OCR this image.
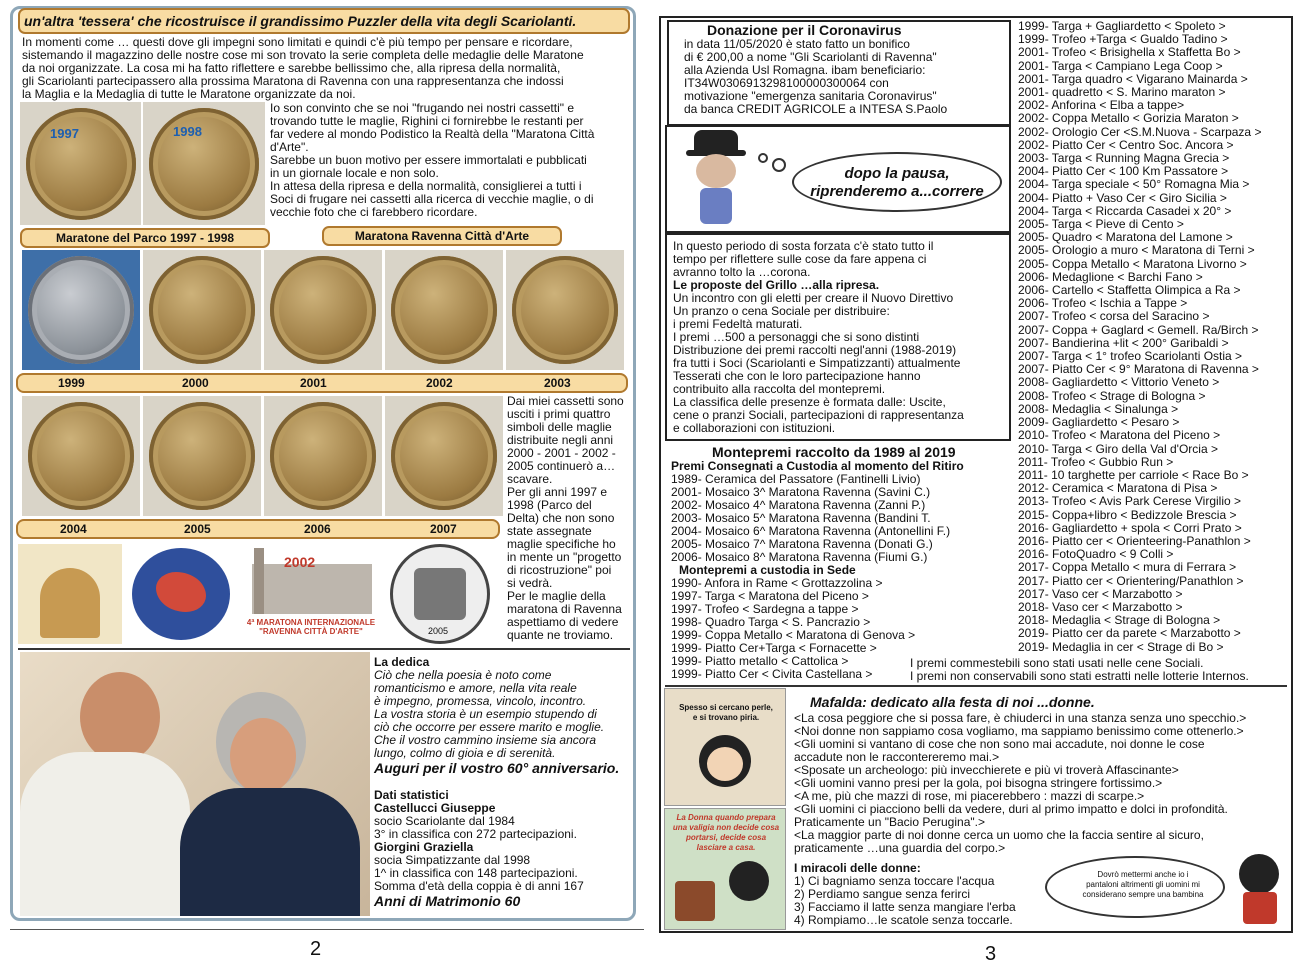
un'altra 'tessera' che ricostruisce il grandissimo Puzzler della vita degli Scariolanti.
In momenti come … questi dove gli impegni sono limitati e quindi c'è più tempo per pensare e ricordare,
sistemando il magazzino delle nostre cose mi son trovato la serie completa delle medaglie delle Maratone
da noi organizzate. La cosa mi ha fatto riflettere e sarebbe bellissimo che, alla ripresa della normalità,
gli Scariolanti partecipassero alla prossima Maratona di Ravenna con una rappresentanza che indossi
la Maglia e la Medaglia di tutte le Maratone organizzate da noi.
1997	1998
Io son convinto che se noi "frugando nei nostri cassetti" e
trovando tutte le maglie, Righini ci fornirebbe le restanti per
far vedere al mondo Podistico la Realtà della "Maratona Città
d'Arte".
Sarebbe un buon motivo per essere immortalati e pubblicati
in un giornale locale e non solo.
In attesa della ripresa e della normalità, consiglierei a tutti i
Soci di frugare nei cassetti alla ricerca di vecchie maglie, o di
vecchie foto che ci farebbero ricordare.
Maratone del Parco 1997 - 1998	Maratona Ravenna Città d'Arte
1999	2000	2001	2002	2003
Dai miei cassetti sono
usciti i primi quattro
simboli delle maglie
distribuite negli anni
2000 - 2001 - 2002 -
2005 continuerò a…
scavare.
Per gli anni 1997 e
1998 (Parco del
Delta) che non sono
state assegnate
maglie specifiche ho
in mente un "progetto
di ricostruzione" poi
si vedrà.
Per le maglie della
maratona di Ravenna
aspettiamo di vedere
quante ne troviamo.
2004	2005	2006	2007
2002
4ª MARATONA INTERNAZIONALE "RAVENNA CITTÀ D'ARTE"	2005
La dedica
Ciò che nella poesia è noto come
romanticismo e amore, nella vita reale
è impegno, promessa, vincolo, incontro.
La vostra storia è un esempio stupendo di
ciò che occorre per essere marito e moglie.
Che il vostro cammino insieme sia ancora
lungo, colmo di gioia e di serenità.
Auguri per il vostro 60° anniversario.
Dati statistici
Castellucci Giuseppe
socio Scariolante dal 1984
3° in classifica con 272 partecipazioni.
Giorgini Graziella
socia Simpatizzante dal 1998
1^ in classifica con 148 partecipazioni.
Somma d'età della coppia è di anni 167
Anni di Matrimonio 60
2
Donazione per il Coronavirus
in data 11/05/2020 è stato fatto un bonifico
di € 200,00 a nome "Gli Scariolanti di Ravenna"
alla Azienda Usl Romagna. ibam beneficiario:
IT34W0306913298100000300064 con
motivazione "emergenza sanitaria Coronavirus"
da banca CREDIT AGRICOLE a INTESA S.Paolo
dopo la pausa,
riprenderemo a...correre
In questo periodo di sosta forzata c'è stato tutto il
tempo per riflettere sulle cose da fare appena ci
avranno tolto la …corona.
Le proposte del Grillo …alla ripresa.
Un incontro con gli eletti per creare il Nuovo Direttivo
Un pranzo o cena Sociale per distribuire:
i premi Fedeltà maturati.
I premi …500 a personaggi che si sono distinti
Distribuzione dei premi raccolti negl'anni (1988-2019)
fra tutti i Soci (Scariolanti e Simpatizzanti) attualmente
Tesserati che con le loro partecipazione hanno
contribuito alla raccolta del montepremi.
La classifica delle presenze è formata dalle: Uscite,
cene o pranzi Sociali, partecipazioni di rappresentanza
e collaborazioni con istituzioni.
Montepremi raccolto da 1989 al 2019
Premi Consegnati a Custodia al momento del Ritiro
1989- Ceramica del Passatore (Fantinelli Livio)
2001- Mosaico 3^ Maratona Ravenna (Savini C.)
2002- Mosaico 4^ Maratona Ravenna (Zanni P.)
2003- Mosaico 5^ Maratona Ravenna (Bandini T.
2004- Mosaico 6^ Maratona Ravenna (Antonellini F.)
2005- Mosaico 7^ Maratona Ravenna (Donati G.)
2006- Mosaico 8^ Maratona Ravenna (Fiumi G.)
Montepremi a custodia in Sede
1990- Anfora in Rame < Grottazzolina >
1997- Targa < Maratona del Piceno >
1997- Trofeo < Sardegna a tappe >
1998- Quadro Targa < S. Pancrazio >
1999- Coppa Metallo < Maratona di Genova >
1999- Piatto Cer+Targa < Fornacette >
1999- Piatto metallo < Cattolica >
1999- Piatto Cer < Civita Castellana >
1999- Targa + Gagliardetto < Spoleto >
1999- Trofeo +Targa < Gualdo Tadino >
2001- Trofeo < Brisighella x Staffetta Bo >
2001- Targa < Campiano Lega Coop >
2001- Targa quadro < Vigarano Mainarda >
2001- quadretto < S. Marino maraton >
2002- Anforina < Elba a tappe>
2002- Coppa Metallo < Gorizia Maraton >
2002- Orologio Cer <S.M.Nuova - Scarpaza >
2002- Piatto Cer < Centro Soc. Ancora >
2003- Targa < Running Magna Grecia >
2004- Piatto Cer < 100 Km Passatore >
2004- Targa speciale < 50° Romagna Mia >
2004- Piatto + Vaso Cer < Giro Sicilia >
2004- Targa < Riccarda Casadei x 20° >
2005- Targa < Pieve di Cento >
2005- Quadro < Maratona del Lamone >
2005- Orologio a muro < Maratona di Terni >
2005- Coppa Metallo < Maratona Livorno >
2006- Medaglione < Barchi Fano >
2006- Cartello < Staffetta Olimpica a Ra >
2006- Trofeo < Ischia a Tappe >
2007- Trofeo < corsa del Saracino >
2007- Coppa + Gaglard < Gemell. Ra/Birch >
2007- Bandierina +lit < 200° Garibaldi >
2007- Targa < 1° trofeo Scariolanti Ostia >
2007- Piatto Cer < 9° Maratona di Ravenna >
2008- Gagliardetto < Vittorio Veneto >
2008- Trofeo < Strage di Bologna >
2008- Medaglia < Sinalunga >
2009- Gagliardetto < Pesaro >
2010- Trofeo < Maratona del Piceno >
2010- Targa < Giro della Val d'Orcia >
2011- Trofeo < Gubbio Run >
2011- 10 targhette per carriole < Race Bo >
2012- Ceramica < Maratona di Pisa >
2013- Trofeo < Avis Park Cerese Virgilio >
2015- Coppa+libro < Bedizzole Brescia >
2016- Gagliardetto + spola < Corri Prato >
2016- Piatto cer < Orienteering-Panathlon >
2016- FotoQuadro < 9 Colli >
2017- Coppa Metallo < mura di Ferrara >
2017- Piatto cer < Orientering/Panathlon >
2017- Vaso cer < Marzabotto >
2018- Vaso cer < Marzabotto >
2018- Medaglia < Strage di Bologna >
2019- Piatto cer da parete < Marzabotto >
2019- Medaglia in cer < Strage di Bo >
I premi commestebili sono stati usati nelle cene Sociali.
I premi non conservabili sono stati estratti nelle lotterie Internos.
Spesso si cercano perle,
e si trovano piria.
La Donna quando prepara
una valigia non decide cosa
portarsi, decide cosa
lasciare a casa.
Mafalda: dedicato alla festa di noi ...donne.
<La cosa peggiore che si possa fare, è chiuderci in una stanza senza uno specchio.>
<Noi donne non sappiamo cosa vogliamo, ma sappiamo benissimo come ottenerlo.>
<Gli uomini si vantano di cose che non sono mai accadute, noi donne le cose
accadute non le raccontereremo mai.>
<Sposate un archeologo: più invecchierete e più vi troverà Affascinante>
<Gli uomini vanno presi per la gola, poi bisogna stringere fortissimo.>
<A me, più che mazzi di rose, mi piacerebbero : mazzi di scarpe.>
<Gli uomini ci piacciono belli da vedere, duri al primo impatto e dolci in profondità.
Praticamente un "Bacio Perugina".>
<La maggior parte di noi donne cerca un uomo che la faccia sentire al sicuro,
praticamente …una guardia del corpo.>
I miracoli delle donne:
1) Ci bagniamo senza toccare l'acqua
2) Perdiamo sangue senza ferirci
3) Facciamo il latte senza mangiare l'erba
4) Rompiamo…le scatole senza toccarle.
Dovrò mettermi anche io i
pantaloni altrimenti gli uomini mi
considerano sempre una bambina
3
